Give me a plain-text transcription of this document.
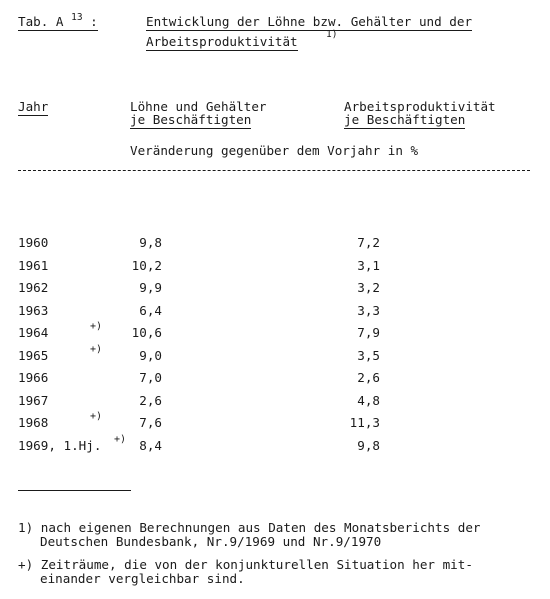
Tab. A $^{13}$ :	Entwicklung der Löhne bzw. Gehälter und der
Arbeitsproduktivität	1)
Jahr	Löhne und Gehälter
je Beschäftigten
Arbeitsproduktivität
je Beschäftigten
Veränderung gegenüber dem Vorjahr in %
1960	9,8	7,2
1961	10,2	3,1
1962	9,9	3,2
1963	6,4	3,3
1964	+)	10,6	7,9
1965	+)	9,0	3,5
1966	7,0	2,6
1967	2,6	4,8
1968	+)	7,6	11,3
1969, 1.Hj. +)	8,4	9,8
1) nach eigenen Berechnungen aus Daten des Monatsberichts der
Deutschen Bundesbank, Nr.9/1969 und Nr.9/1970
+) Zeiträume, die von der konjunkturellen Situation her mit-
einander vergleichbar sind.
